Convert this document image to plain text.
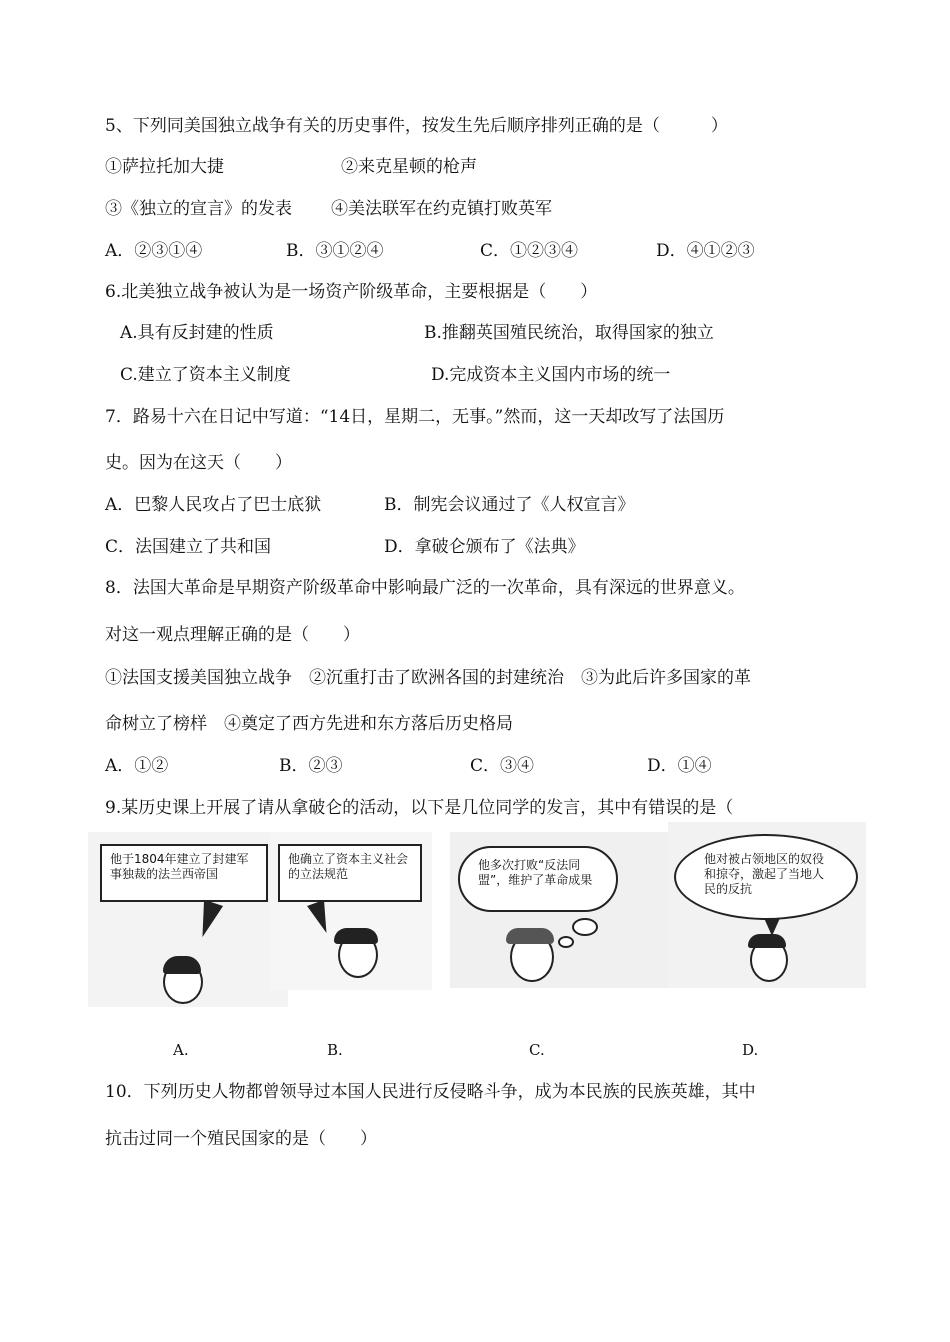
5、下列同美国独立战争有关的历史事件，按发生先后顺序排列正确的是（　　　）
①萨拉托加大捷	②来克星顿的枪声
③《独立的宣言》的发表 ④美法联军在约克镇打败英军
A．②③①④	B．③①②④	C．①②③④	D．④①②③
6.北美独立战争被认为是一场资产阶级革命，主要根据是（　　）
A.具有反封建的性质	B.推翻英国殖民统治，取得国家的独立
C.建立了资本主义制度	D.完成资本主义国内市场的统一
7．路易十六在日记中写道：“14日，星期二，无事。”然而，这一天却改写了法国历
史。因为在这天（　　）
A．巴黎人民攻占了巴士底狱	B．制宪会议通过了《人权宣言》
C．法国建立了共和国	D．拿破仑颁布了《法典》
8．法国大革命是早期资产阶级革命中影响最广泛的一次革命，具有深远的世界意义。
对这一观点理解正确的是（　　）
①法国支援美国独立战争　②沉重打击了欧洲各国的封建统治　③为此后许多国家的革
命树立了榜样　④奠定了西方先进和东方落后历史格局
A．①②	B．②③	C．③④	D．①④
9.某历史课上开展了请从拿破仑的活动，以下是几位同学的发言，其中有错误的是（
他于1804年建立了封建军事独裁的法兰西帝国
他确立了资本主义社会的立法规范
他多次打败“反法同盟”，维护了革命成果
他对被占领地区的奴役和掠夺，激起了当地人民的反抗
A.	B.	C.	D.
10．下列历史人物都曾领导过本国人民进行反侵略斗争，成为本民族的民族英雄，其中
抗击过同一个殖民国家的是（　　）
